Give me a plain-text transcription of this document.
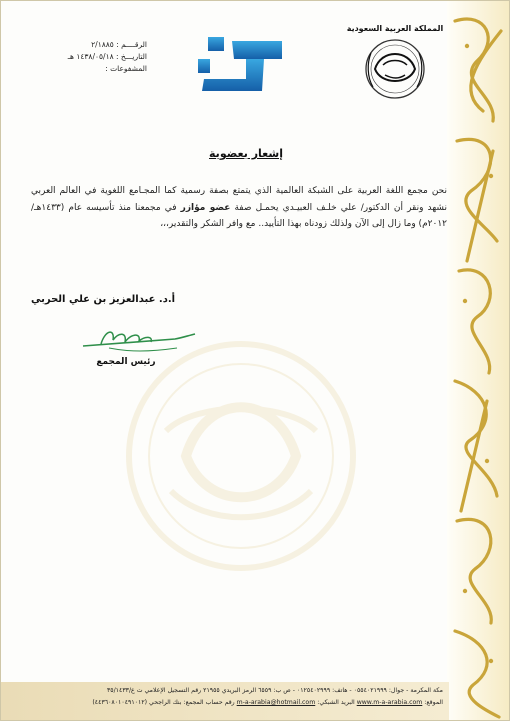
الرقــــم : ٢/١٨٨٥
التاريـــخ : ١٤٣٨/٠٥/١٨ هـ
المشفوعات :
المملكة العربية السعودية
إشعار بعضوية
نحن مجمع اللغة العربية على الشبكة العالمية الذي يتمتع بصفة رسمية كما المجـامع اللغوية في العالم العربي نشهد ونقر أن الدكتور/ علي خلـف العبيـدي يحمـل صفة عضو مؤازر في مجمعنا منذ تأسيسه عام (١٤٣٣هـ/٢٠١٢م) وما زال إلى الآن ولذلك زودناه بهذا التأييد.. مع وافر الشكر والتقدير،،،
أ.د. عبدالعزيز بن علي الحربي
رئيس المجمع
مكة المكرمة - جوال: ٠٥٥٤٠٢١٩٩٩ - هاتف: ٠١٢٥٤٠٢٩٩٩ - ص ب: ٦٥٥٩ الرمز البريدي ٢١٩٥٥ رقم التسجيل الإعلامي ت ع/٣٥/١٤٣٣
الموقع: www.m-a-arabia.com البريد الشبكي: m-a-arabia@hotmail.com رقم حساب المجمع: بنك الراجحي (٤٤٣٦٠٨٠١٠٤٩١٠١٢)
